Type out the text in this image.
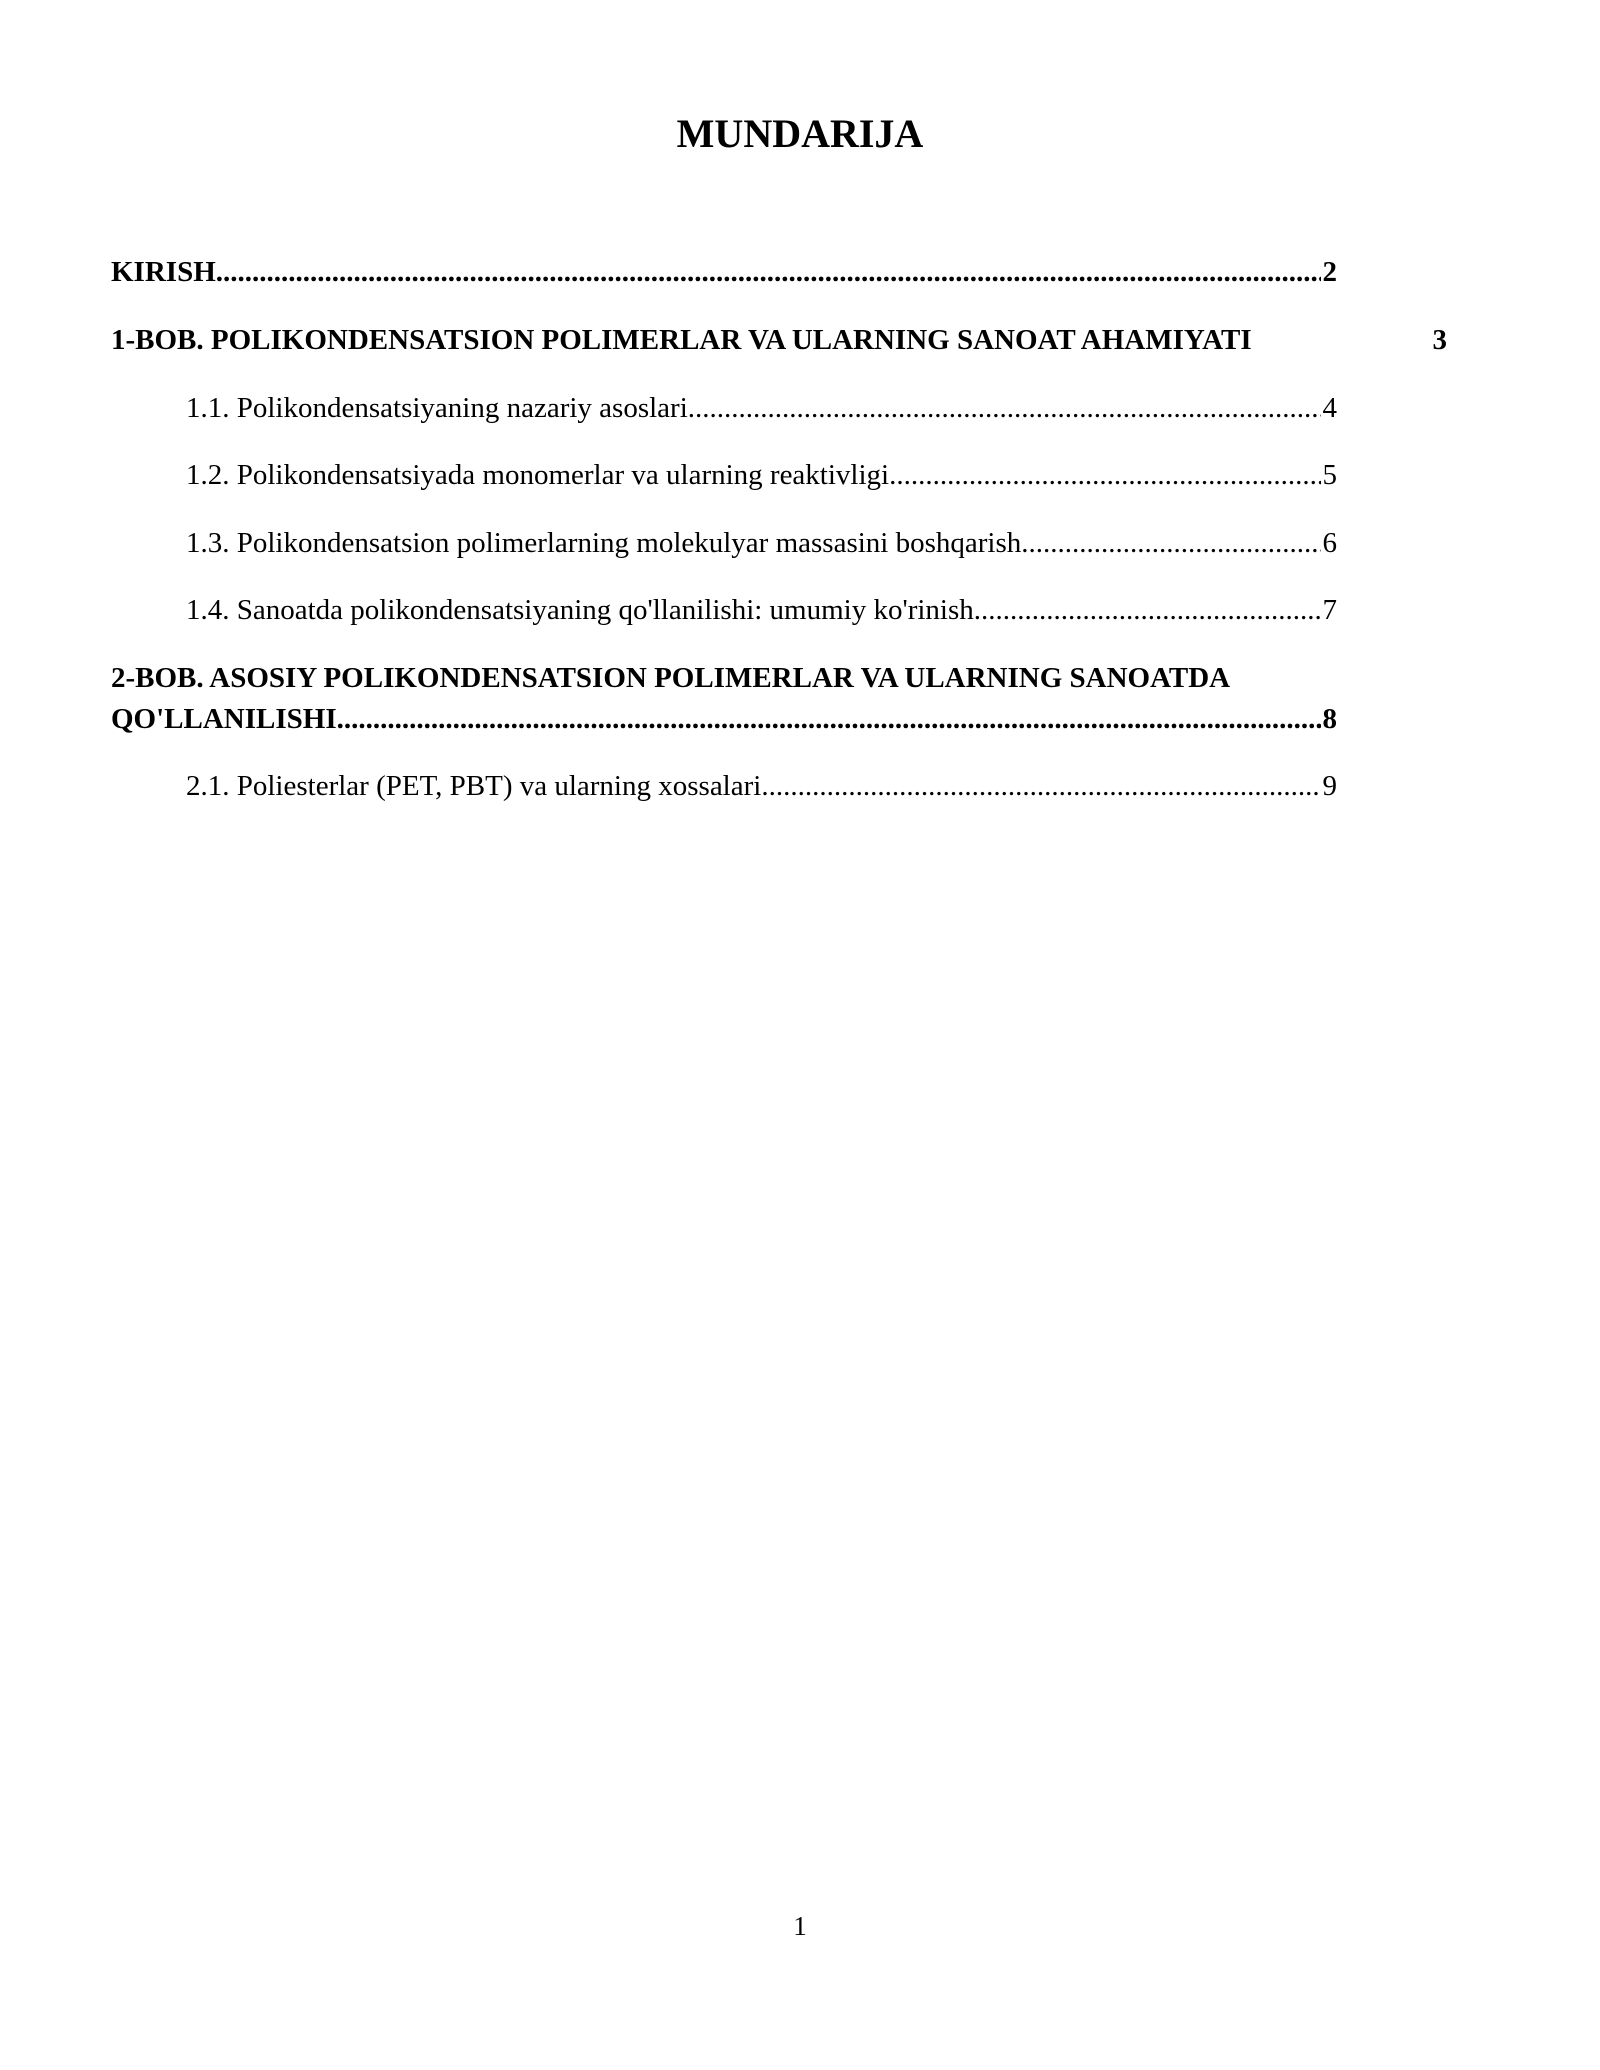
MUNDARIJA
KIRISH .....	2
1-BOB. POLIKONDENSATSION POLIMERLAR VA ULARNING SANOAT AHAMIYATI	3
1.1. Polikondensatsiyaning nazariy asoslari .....	4
1.2. Polikondensatsiyada monomerlar va ularning reaktivligi .....	5
1.3. Polikondensatsion polimerlarning molekulyar massasini boshqarish .....	6
1.4. Sanoatda polikondensatsiyaning qo'llanilishi: umumiy ko'rinish .....	7
2-BOB. ASOSIY POLIKONDENSATSION POLIMERLAR VA ULARNING SANOATDA
QO'LLANILISHI .....	8
2.1. Poliesterlar (PET, PBT) va ularning xossalari .....	9
1
